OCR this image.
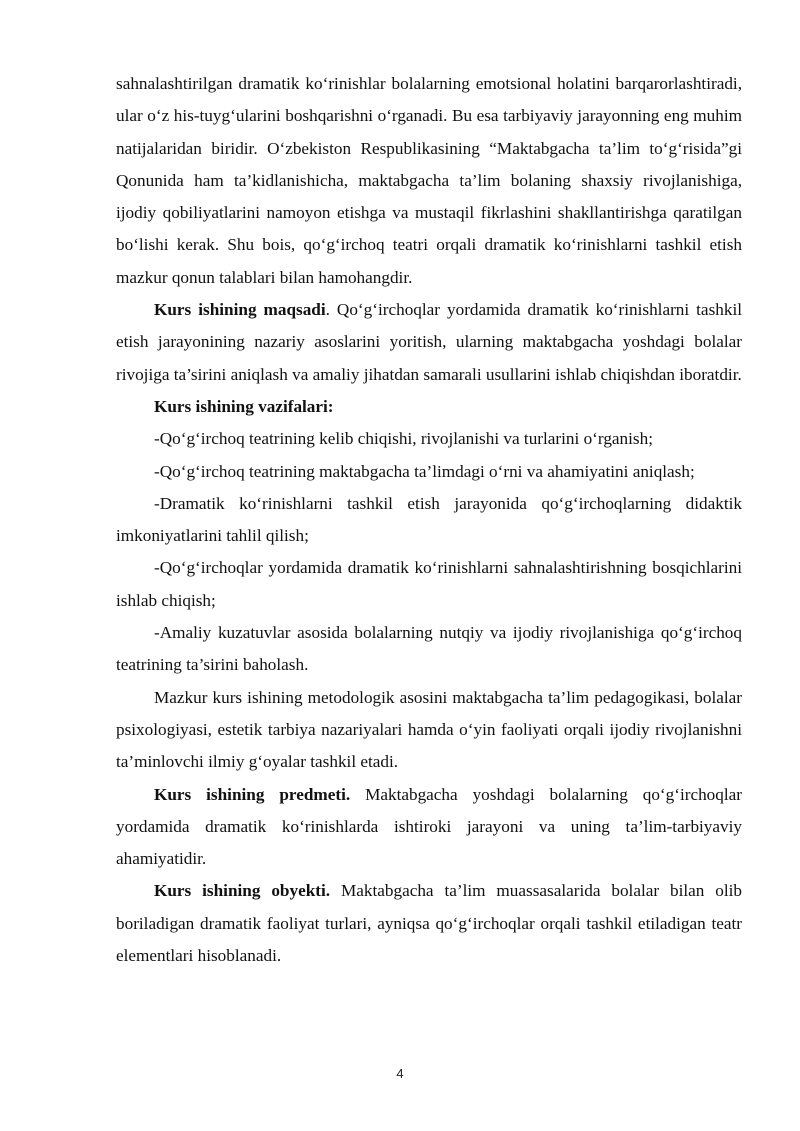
sahnalashtirilgan dramatik ko‘rinishlar bolalarning emotsional holatini barqarorlashtiradi, ular o‘z his-tuyg‘ularini boshqarishni o‘rganadi. Bu esa tarbiyaviy jarayonning eng muhim natijalaridan biridir. O‘zbekiston Respublikasining “Maktabgacha ta’lim to‘g‘risida”gi Qonunida ham ta’kidlanishicha, maktabgacha ta’lim bolaning shaxsiy rivojlanishiga, ijodiy qobiliyatlarini namoyon etishga va mustaqil fikrlashini shakllantirishga qaratilgan bo‘lishi kerak. Shu bois, qo‘g‘irchoq teatri orqali dramatik ko‘rinishlarni tashkil etish mazkur qonun talablari bilan hamohangdir.

Kurs ishining maqsadi. Qo‘g‘irchoqlar yordamida dramatik ko‘rinishlarni tashkil etish jarayonining nazariy asoslarini yoritish, ularning maktabgacha yoshdagi bolalar rivojiga ta’sirini aniqlash va amaliy jihatdan samarali usullarini ishlab chiqishdan iboratdir.

Kurs ishining vazifalari:

-Qo‘g‘irchoq teatrining kelib chiqishi, rivojlanishi va turlarini o‘rganish;

-Qo‘g‘irchoq teatrining maktabgacha ta’limdagi o‘rni va ahamiyatini aniqlash;

-Dramatik ko‘rinishlarni tashkil etish jarayonida qo‘g‘irchoqlarning didaktik imkoniyatlarini tahlil qilish;

-Qo‘g‘irchoqlar yordamida dramatik ko‘rinishlarni sahnalashtirishning bosqichlarini ishlab chiqish;

-Amaliy kuzatuvlar asosida bolalarning nutqiy va ijodiy rivojlanishiga qo‘g‘irchoq teatrining ta’sirini baholash.

Mazkur kurs ishining metodologik asosini maktabgacha ta’lim pedagogikasi, bolalar psixologiyasi, estetik tarbiya nazariyalari hamda o‘yin faoliyati orqali ijodiy rivojlanishni ta’minlovchi ilmiy g‘oyalar tashkil etadi.

Kurs ishining predmeti. Maktabgacha yoshdagi bolalarning qo‘g‘irchoqlar yordamida dramatik ko‘rinishlarda ishtiroki jarayoni va uning ta’lim-tarbiyaviy ahamiyatidir.

Kurs ishining obyekti. Maktabgacha ta’lim muassasalarida bolalar bilan olib boriladigan dramatik faoliyat turlari, ayniqsa qo‘g‘irchoqlar orqali tashkil etiladigan teatr elementlari hisoblanadi.

4
